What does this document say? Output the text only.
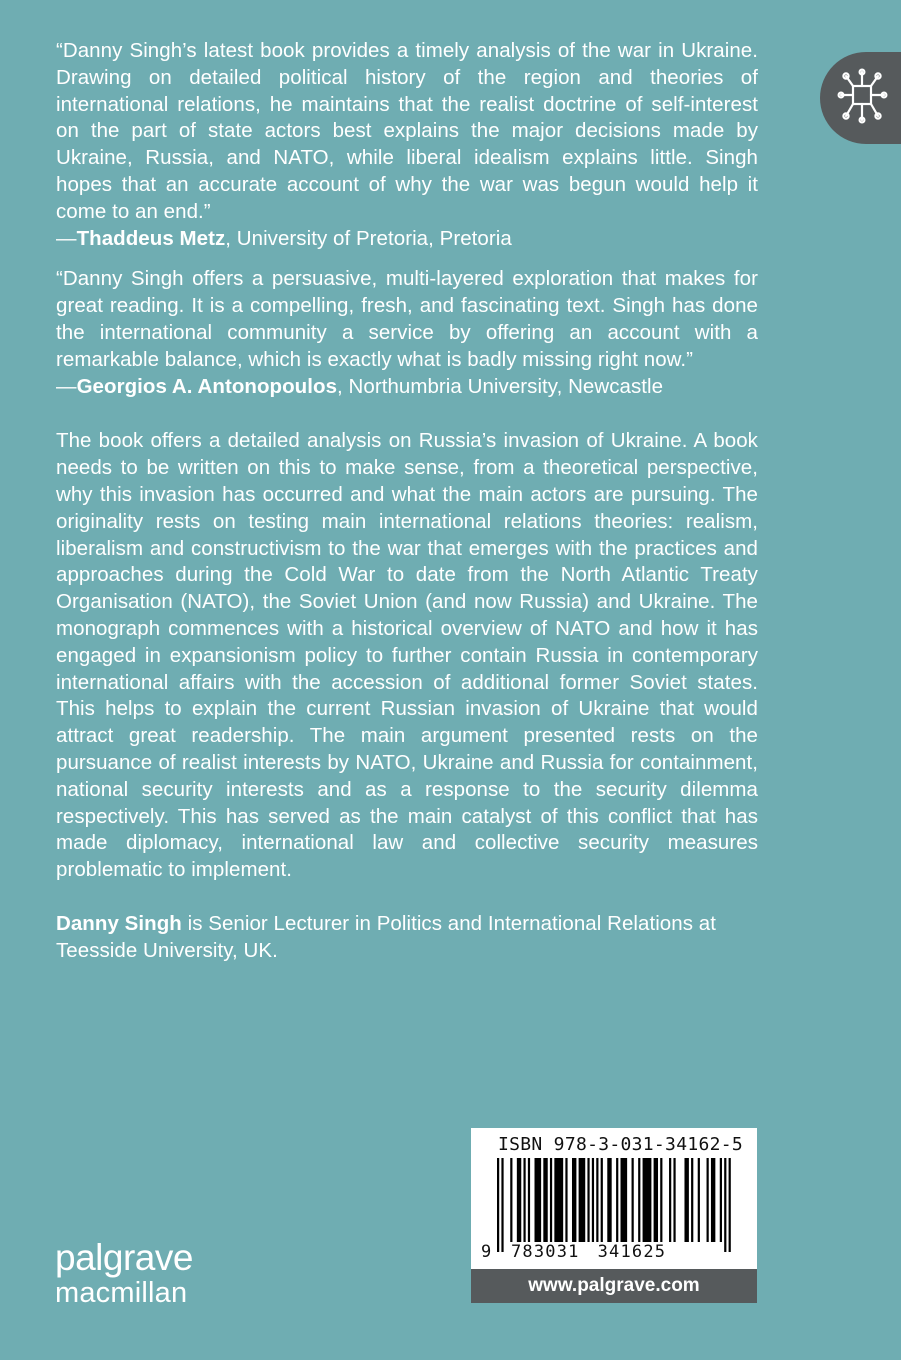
“Danny Singh’s latest book provides a timely analysis of the war in Ukraine. Drawing on detailed political history of the region and theories of international relations, he maintains that the realist doctrine of self-interest on the part of state actors best explains the major decisions made by Ukraine, Russia, and NATO, while liberal idealism explains little. Singh hopes that an accurate account of why the war was begun would help it come to an end.”

—Thaddeus Metz, University of Pretoria, Pretoria

“Danny Singh offers a persuasive, multi-layered exploration that makes for great reading. It is a compelling, fresh, and fascinating text. Singh has done the international community a service by offering an account with a remarkable balance, which is exactly what is badly missing right now.”

—Georgios A. Antonopoulos, Northumbria University, Newcastle

The book offers a detailed analysis on Russia’s invasion of Ukraine. A book needs to be written on this to make sense, from a theoretical perspective, why this invasion has occurred and what the main actors are pursuing. The originality rests on testing main international relations theories: realism, liberalism and constructivism to the war that emerges with the practices and approaches during the Cold War to date from the North Atlantic Treaty Organisation (NATO), the Soviet Union (and now Russia) and Ukraine. The monograph commences with a historical overview of NATO and how it has engaged in expansionism policy to further contain Russia in contemporary international affairs with the accession of additional former Soviet states. This helps to explain the current Russian invasion of Ukraine that would attract great readership. The main argument presented rests on the pursuance of realist interests by NATO, Ukraine and Russia for containment, national security interests and as a response to the security dilemma respectively. This has served as the main catalyst of this conflict that has made diplomacy, international law and collective security measures problematic to implement.

Danny Singh is Senior Lecturer in Politics and International Relations at Teesside University, UK.

palgrave
macmillan
ISBN 978-3-031-34162-5
9	783031 341625
www.palgrave.com
